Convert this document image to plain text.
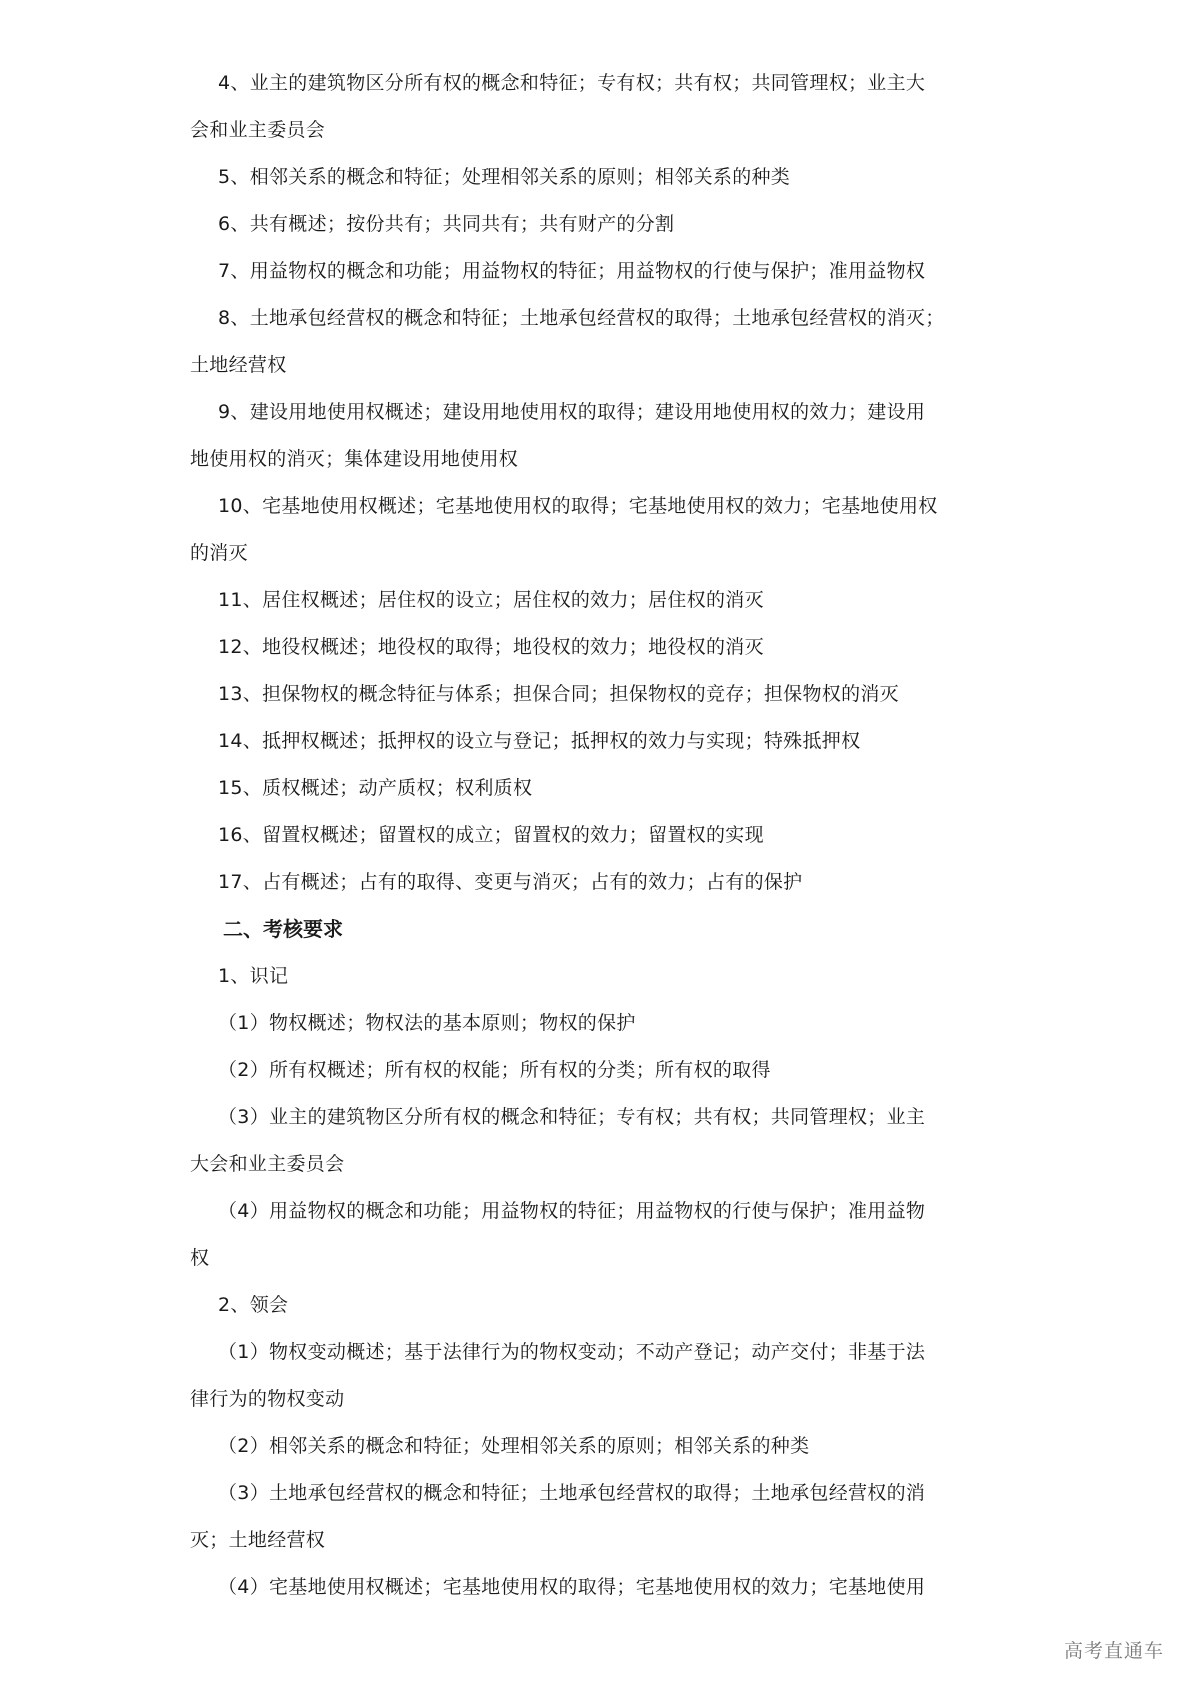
4、业主的建筑物区分所有权的概念和特征；专有权；共有权；共同管理权；业主大
会和业主委员会
5、相邻关系的概念和特征；处理相邻关系的原则；相邻关系的种类
6、共有概述；按份共有；共同共有；共有财产的分割
7、用益物权的概念和功能；用益物权的特征；用益物权的行使与保护；准用益物权
8、土地承包经营权的概念和特征；土地承包经营权的取得；土地承包经营权的消灭；
土地经营权
9、建设用地使用权概述；建设用地使用权的取得；建设用地使用权的效力；建设用
地使用权的消灭；集体建设用地使用权
10、宅基地使用权概述；宅基地使用权的取得；宅基地使用权的效力；宅基地使用权
的消灭
11、居住权概述；居住权的设立；居住权的效力；居住权的消灭
12、地役权概述；地役权的取得；地役权的效力；地役权的消灭
13、担保物权的概念特征与体系；担保合同；担保物权的竞存；担保物权的消灭
14、抵押权概述；抵押权的设立与登记；抵押权的效力与实现；特殊抵押权
15、质权概述；动产质权；权利质权
16、留置权概述；留置权的成立；留置权的效力；留置权的实现
17、占有概述；占有的取得、变更与消灭；占有的效力；占有的保护
二、考核要求
1、识记
（1）物权概述；物权法的基本原则；物权的保护
（2）所有权概述；所有权的权能；所有权的分类；所有权的取得
（3）业主的建筑物区分所有权的概念和特征；专有权；共有权；共同管理权；业主
大会和业主委员会
（4）用益物权的概念和功能；用益物权的特征；用益物权的行使与保护；准用益物
权
2、领会
（1）物权变动概述；基于法律行为的物权变动；不动产登记；动产交付；非基于法
律行为的物权变动
（2）相邻关系的概念和特征；处理相邻关系的原则；相邻关系的种类
（3）土地承包经营权的概念和特征；土地承包经营权的取得；土地承包经营权的消
灭；土地经营权
（4）宅基地使用权概述；宅基地使用权的取得；宅基地使用权的效力；宅基地使用
高考直通车
